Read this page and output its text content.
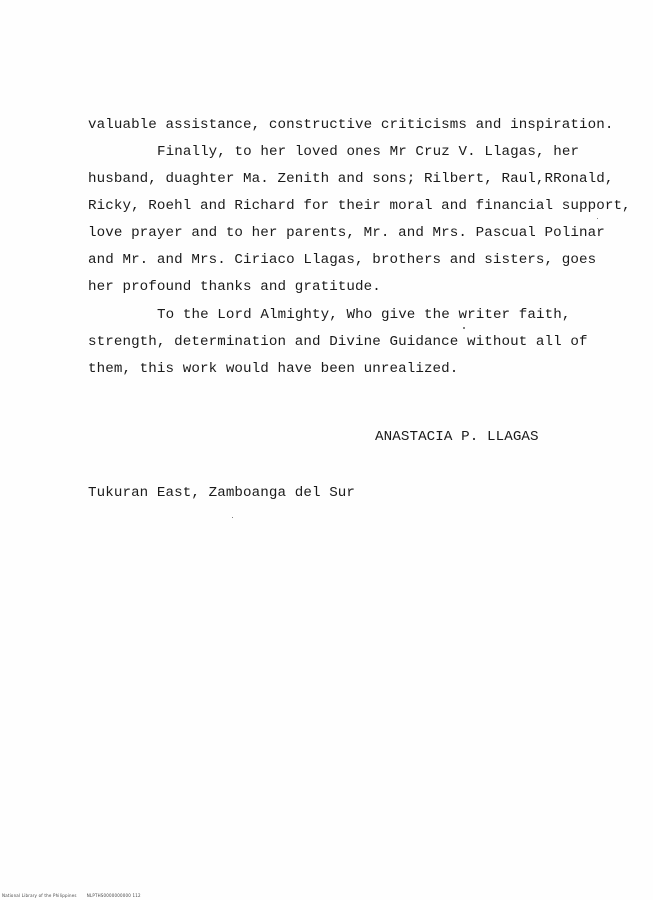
valuable assistance, constructive criticisms and inspiration.
Finally, to her loved ones Mr Cruz V. Llagas, her
husband, duaghter Ma. Zenith and sons; Rilbert, Raul,RRonald,
Ricky, Roehl and Richard for their moral and financial support,
love prayer and to her parents, Mr. and Mrs. Pascual Polinar
and Mr. and Mrs. Ciriaco Llagas, brothers and sisters, goes
her profound thanks and gratitude.
To the Lord Almighty, Who give the writer faith,
strength, determination and Divine Guidance without all of
them, this work would have been unrealized.
ANASTACIA P. LLAGAS
Tukuran East, Zamboanga del Sur
National Library of the Philippines	NLPTHS0000000000 112
